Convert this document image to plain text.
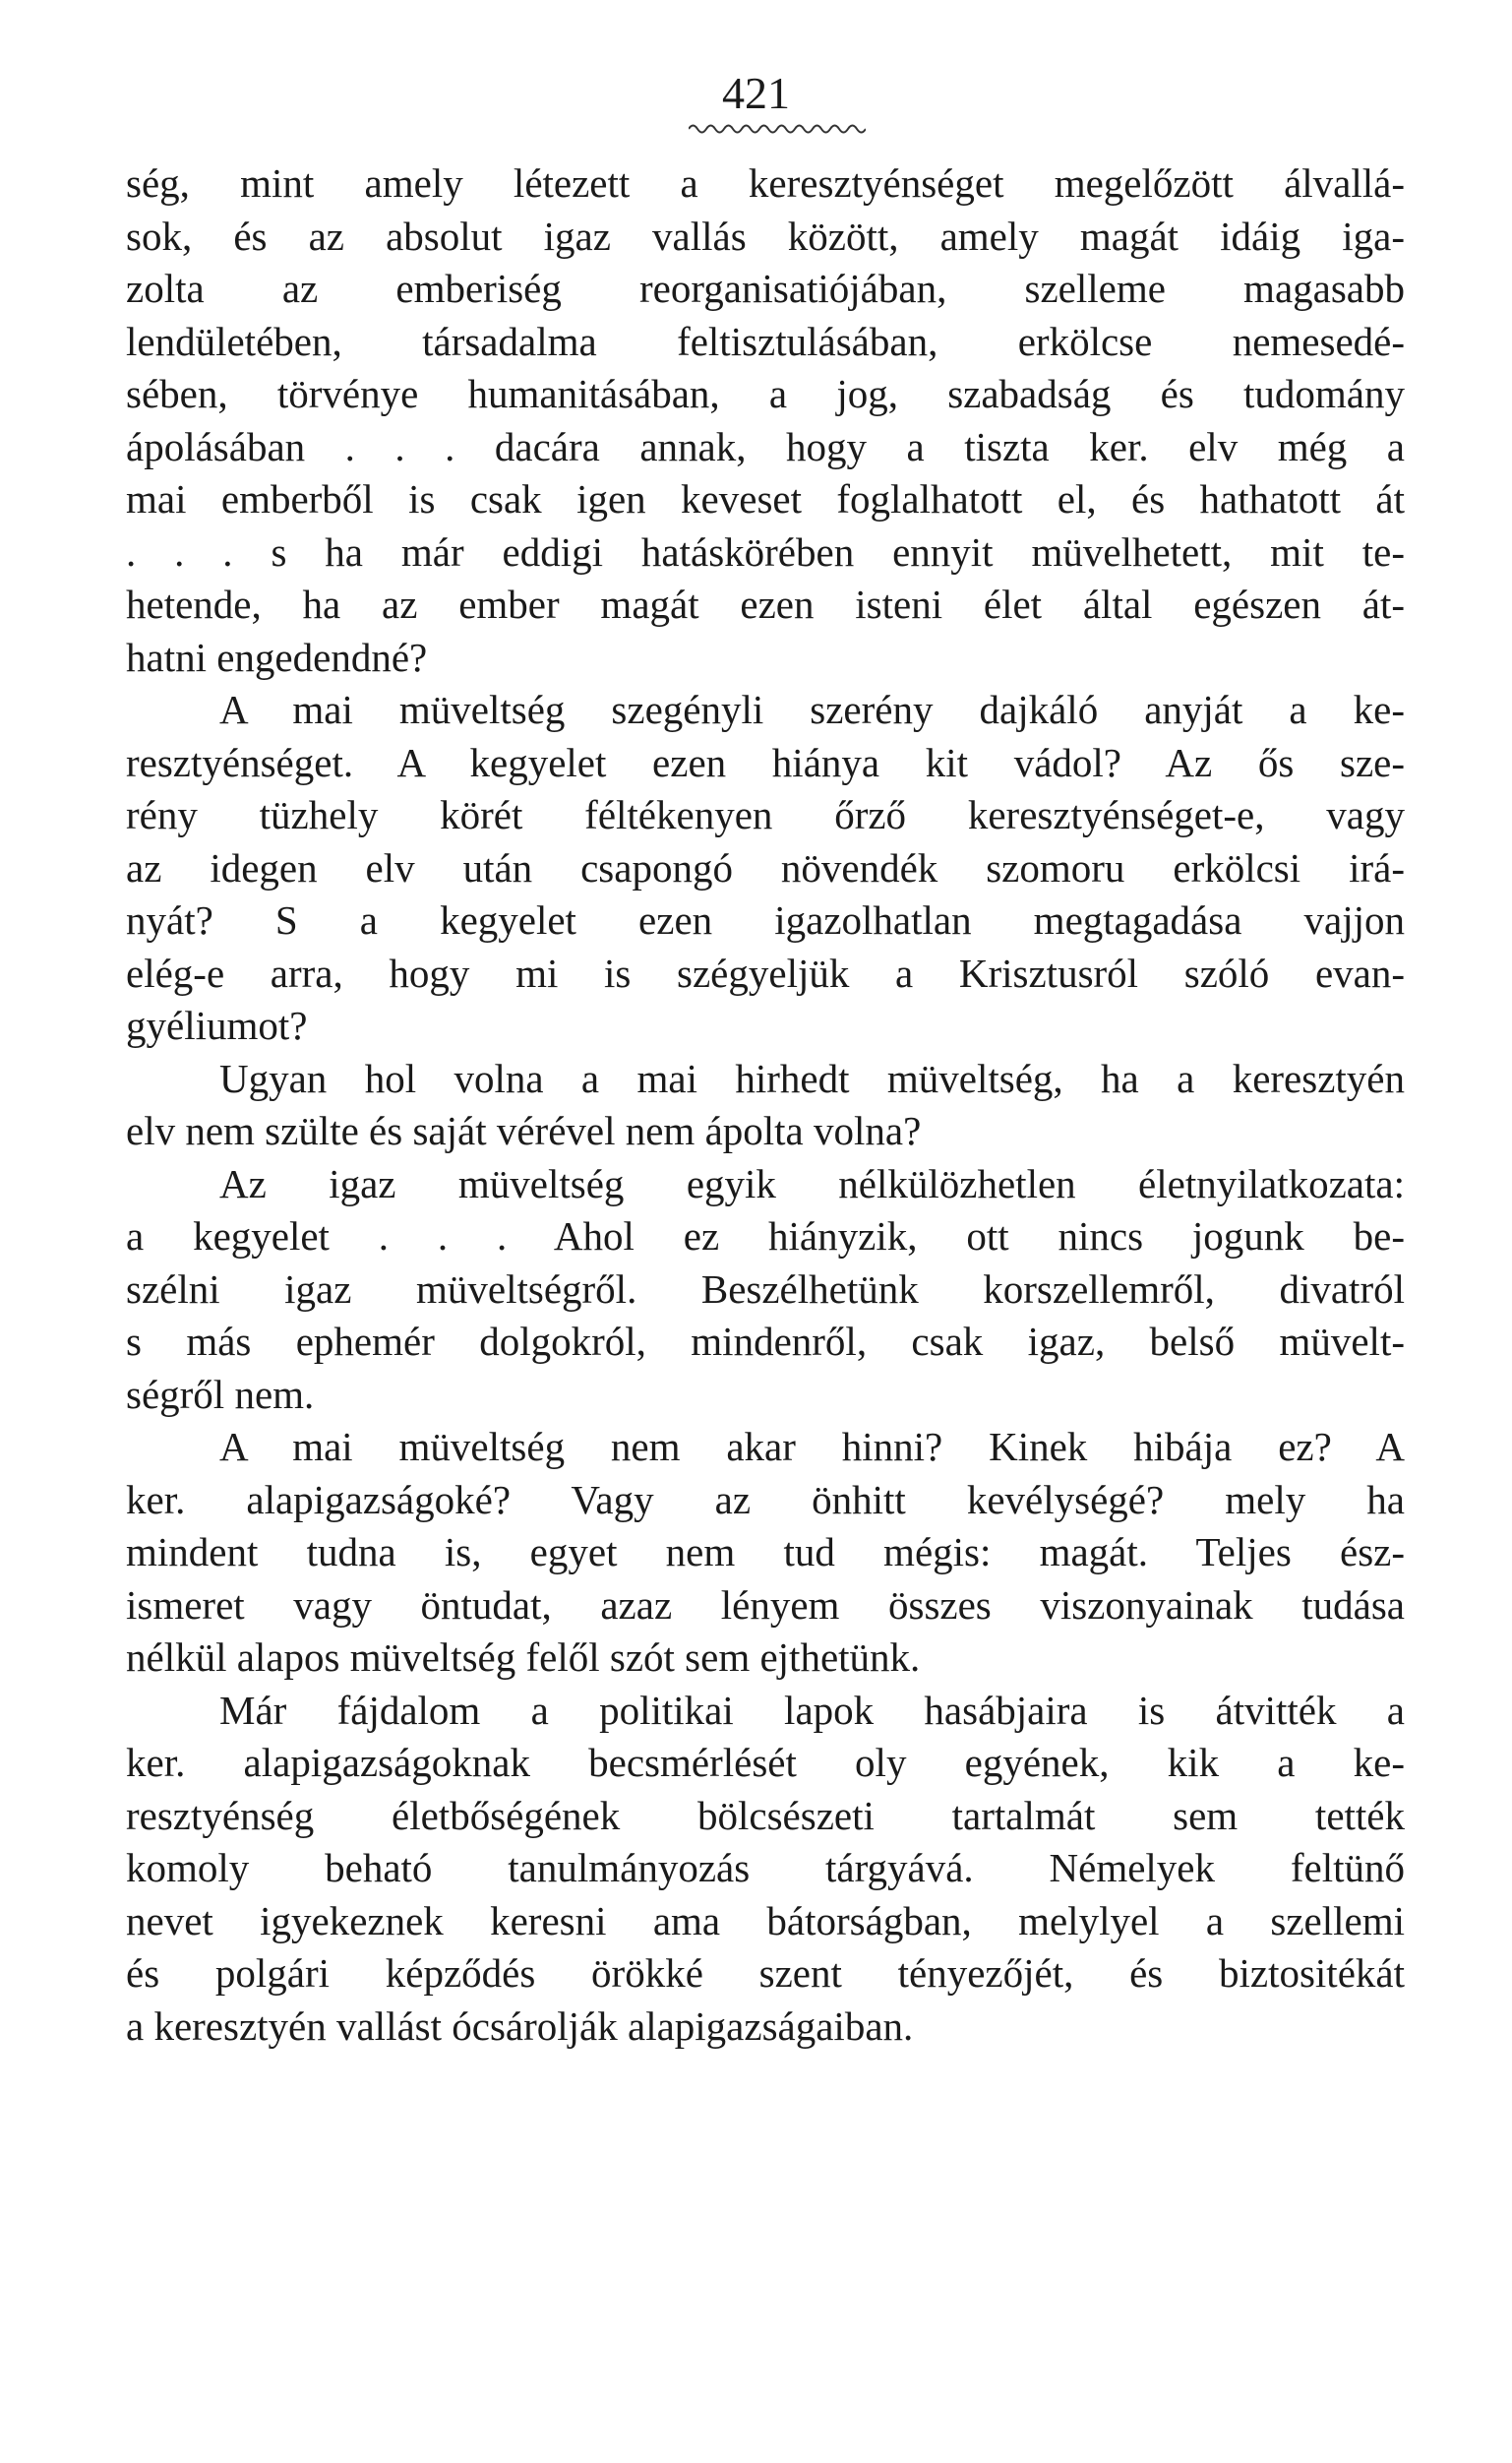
421
ség, mint amely létezett a keresztyénséget megelőzött álvallá-
sok, és az absolut igaz vallás között, amely magát idáig igа-
zolta az emberiség reorganisatiójában, szelleme magasabb
lendületében, társadalma feltisztulásában, erkölcse nemesedé-
sében, törvénye humanitásában, a jog, szabadság és tudomány
ápolásában . . . dacára annak, hogy a tiszta ker. elv még a
mai emberből is csak igen keveset foglalhatott el, és hathatott át
. . . s ha már eddigi hatáskörében ennyit müvelhetett, mit te-
hetende, ha az ember magát ezen isteni élet által egészen át-
hatni engedendné?
A mai müveltség szegényli szerény dajkáló anyját a ke-
resztyénséget. A kegyelet ezen hiánya kit vádol? Az ős sze-
rény tüzhely körét féltékenyen őrző keresztyénséget-e, vagy
az idegen elv után csapongó növendék szomoru erkölcsi irá-
nyát? S a kegyelet ezen igazolhatlan megtagadása vajjon
elég-e arra, hogy mi is szégyeljük a Krisztusról szóló evan-
gyéliumot?
Ugyan hol volna a mai hirhedt müveltség, ha a keresztyén
elv nem szülte és saját vérével nem ápolta volna?
Az igaz müveltség egyik nélkülözhetlen életnyilatkozata:
a kegyelet . . . Ahol ez hiányzik, ott nincs jogunk be-
szélni igaz müveltségről. Beszélhetünk korszellemről, divatról
s más ephemér dolgokról, mindenről, csak igaz, belső müvelt-
ségről nem.
A mai müveltség nem akar hinni? Kinek hibája ez? A
ker. alapigazságoké? Vagy az önhitt kevélységé? mely ha
mindent tudna is, egyet nem tud mégis: magát. Teljes ész-
ismeret vagy öntudat, azaz lényem összes viszonyainak tudása
nélkül alapos müveltség felől szót sem ejthetünk.
Már fájdalom a politikai lapok hasábjaira is átvitték a
ker. alapigazságoknak becsmérlését oly egyének, kik a ke-
resztyénség életbőségének bölcsészeti tartalmát sem tették
komoly beható tanulmányozás tárgyává. Némelyek feltünő
nevet igyekeznek keresni ama bátorságban, melylyel a szellemi
és polgári képződés örökké szent tényezőjét, és biztositékát
a keresztyén vallást ócsárolják alapigazságaiban.
